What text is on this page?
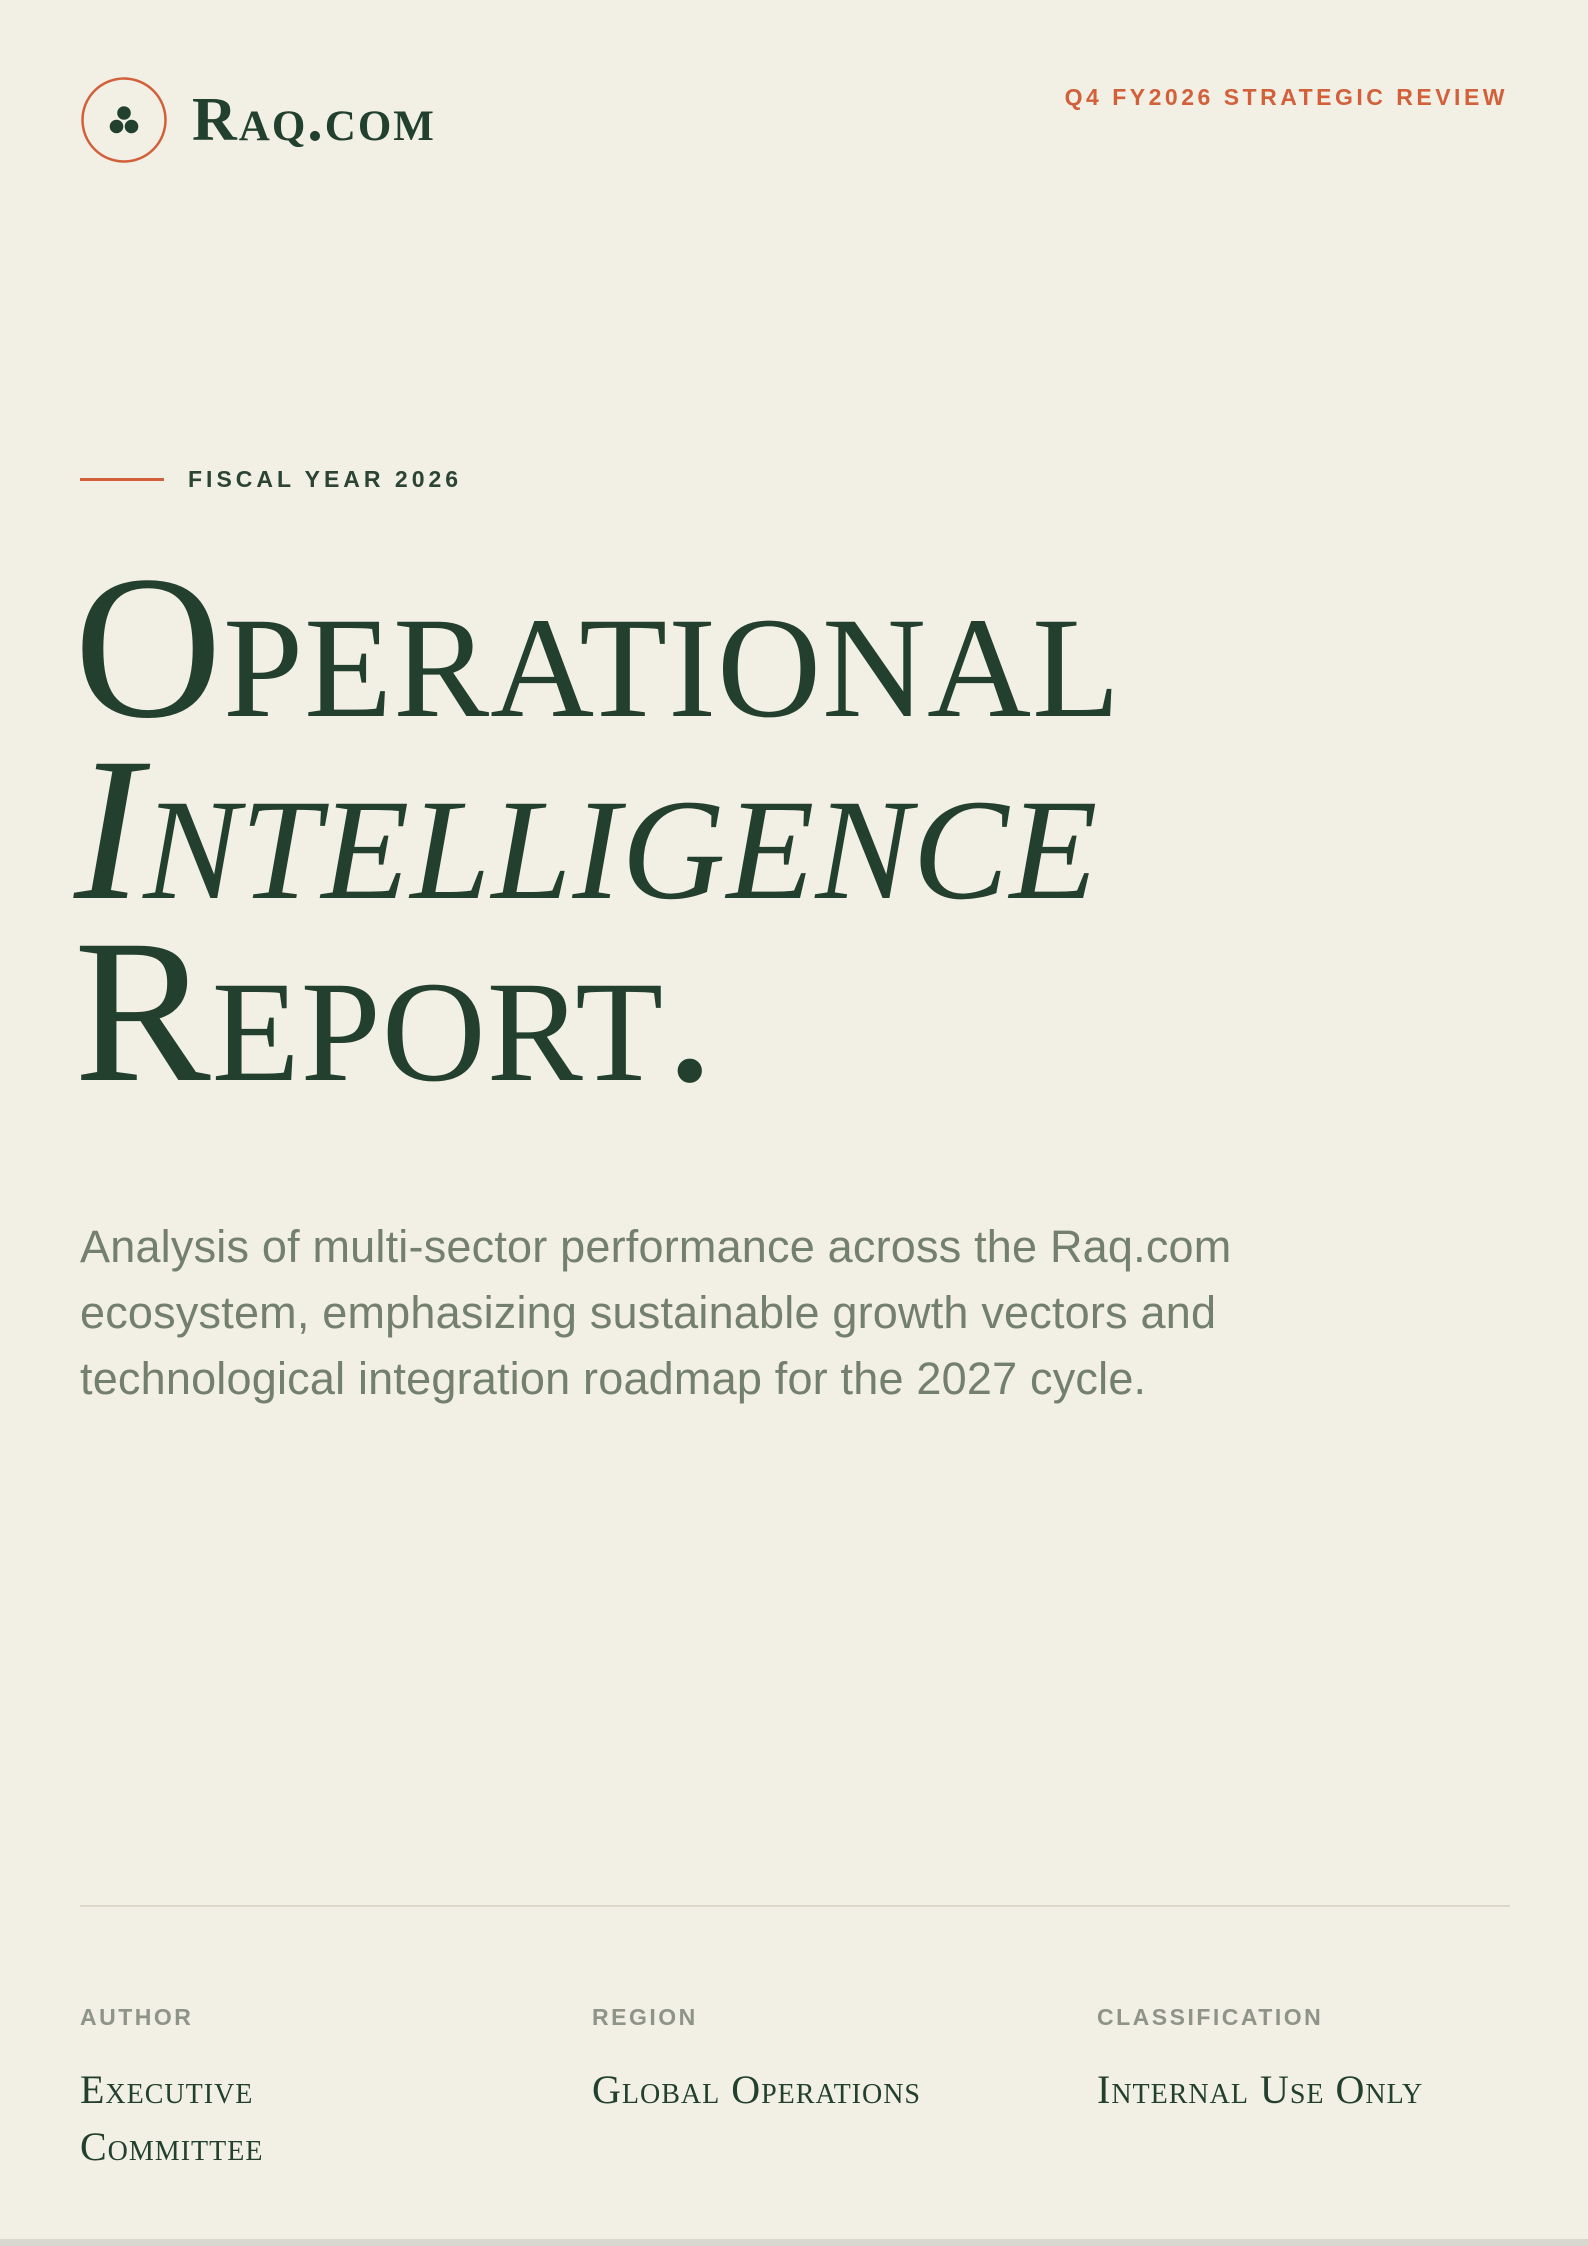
Raq.com	Q4 FY2026 STRATEGIC REVIEW
FISCAL YEAR 2026
Operational
Intelligence
Report.

Analysis of multi-sector performance across the Raq.com ecosystem, emphasizing sustainable growth vectors and technological integration roadmap for the 2027 cycle.

AUTHOR
Executive Committee
REGION
Global Operations
CLASSIFICATION
Internal Use Only
